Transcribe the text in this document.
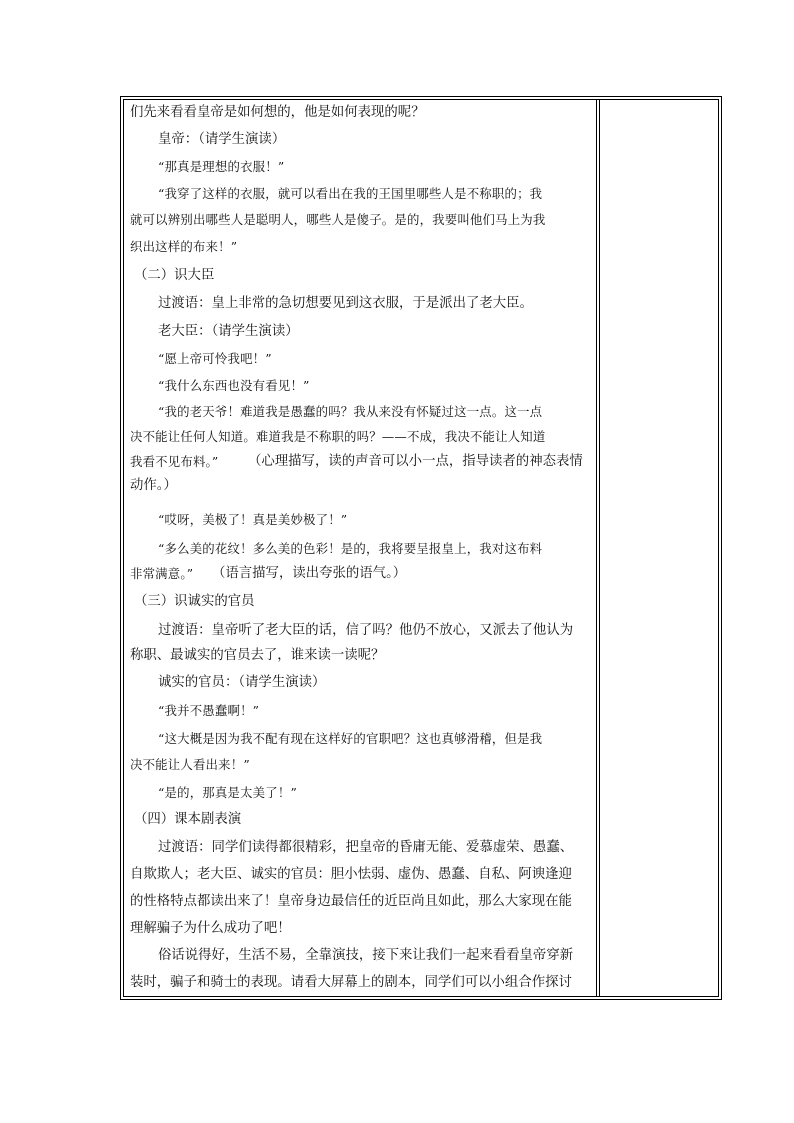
们先来看看皇帝是如何想的，他是如何表现的呢？
皇帝：（请学生演读）
“那真是理想的衣服！”
“我穿了这样的衣服，就可以看出在我的王国里哪些人是不称职的；我
就可以辨别出哪些人是聪明人，哪些人是傻子。是的，我要叫他们马上为我
织出这样的布来！”
（二）识大臣
过渡语：皇上非常的急切想要见到这衣服，于是派出了老大臣。
老大臣：（请学生演读）
“愿上帝可怜我吧！”
“我什么东西也没有看见！”
“我的老天爷！难道我是愚蠢的吗？我从来没有怀疑过这一点。这一点
决不能让任何人知道。难道我是不称职的吗？——不成，我决不能让人知道
我看不见布料。” （心理描写，读的声音可以小一点，指导读者的神态表情
动作。）
“哎呀，美极了！真是美妙极了！”
“多么美的花纹！多么美的色彩！是的，我将要呈报皇上，我对这布料
非常满意。” （语言描写，读出夸张的语气。）
（三）识诚实的官员
过渡语：皇帝听了老大臣的话，信了吗？他仍不放心，又派去了他认为
称职、最诚实的官员去了，谁来读一读呢？
诚实的官员：（请学生演读）
“我并不愚蠢啊！”
“这大概是因为我不配有现在这样好的官职吧？这也真够滑稽，但是我
决不能让人看出来！”
“是的，那真是太美了！”
（四）课本剧表演
过渡语：同学们读得都很精彩，把皇帝的昏庸无能、爱慕虚荣、愚蠢、
自欺欺人；老大臣、诚实的官员：胆小怯弱、虚伪、愚蠢、自私、阿谀逢迎
的性格特点都读出来了！皇帝身边最信任的近臣尚且如此，那么大家现在能
理解骗子为什么成功了吧！
俗话说得好，生活不易，全靠演技，接下来让我们一起来看看皇帝穿新
装时，骗子和骑士的表现。请看大屏幕上的剧本，同学们可以小组合作探讨
